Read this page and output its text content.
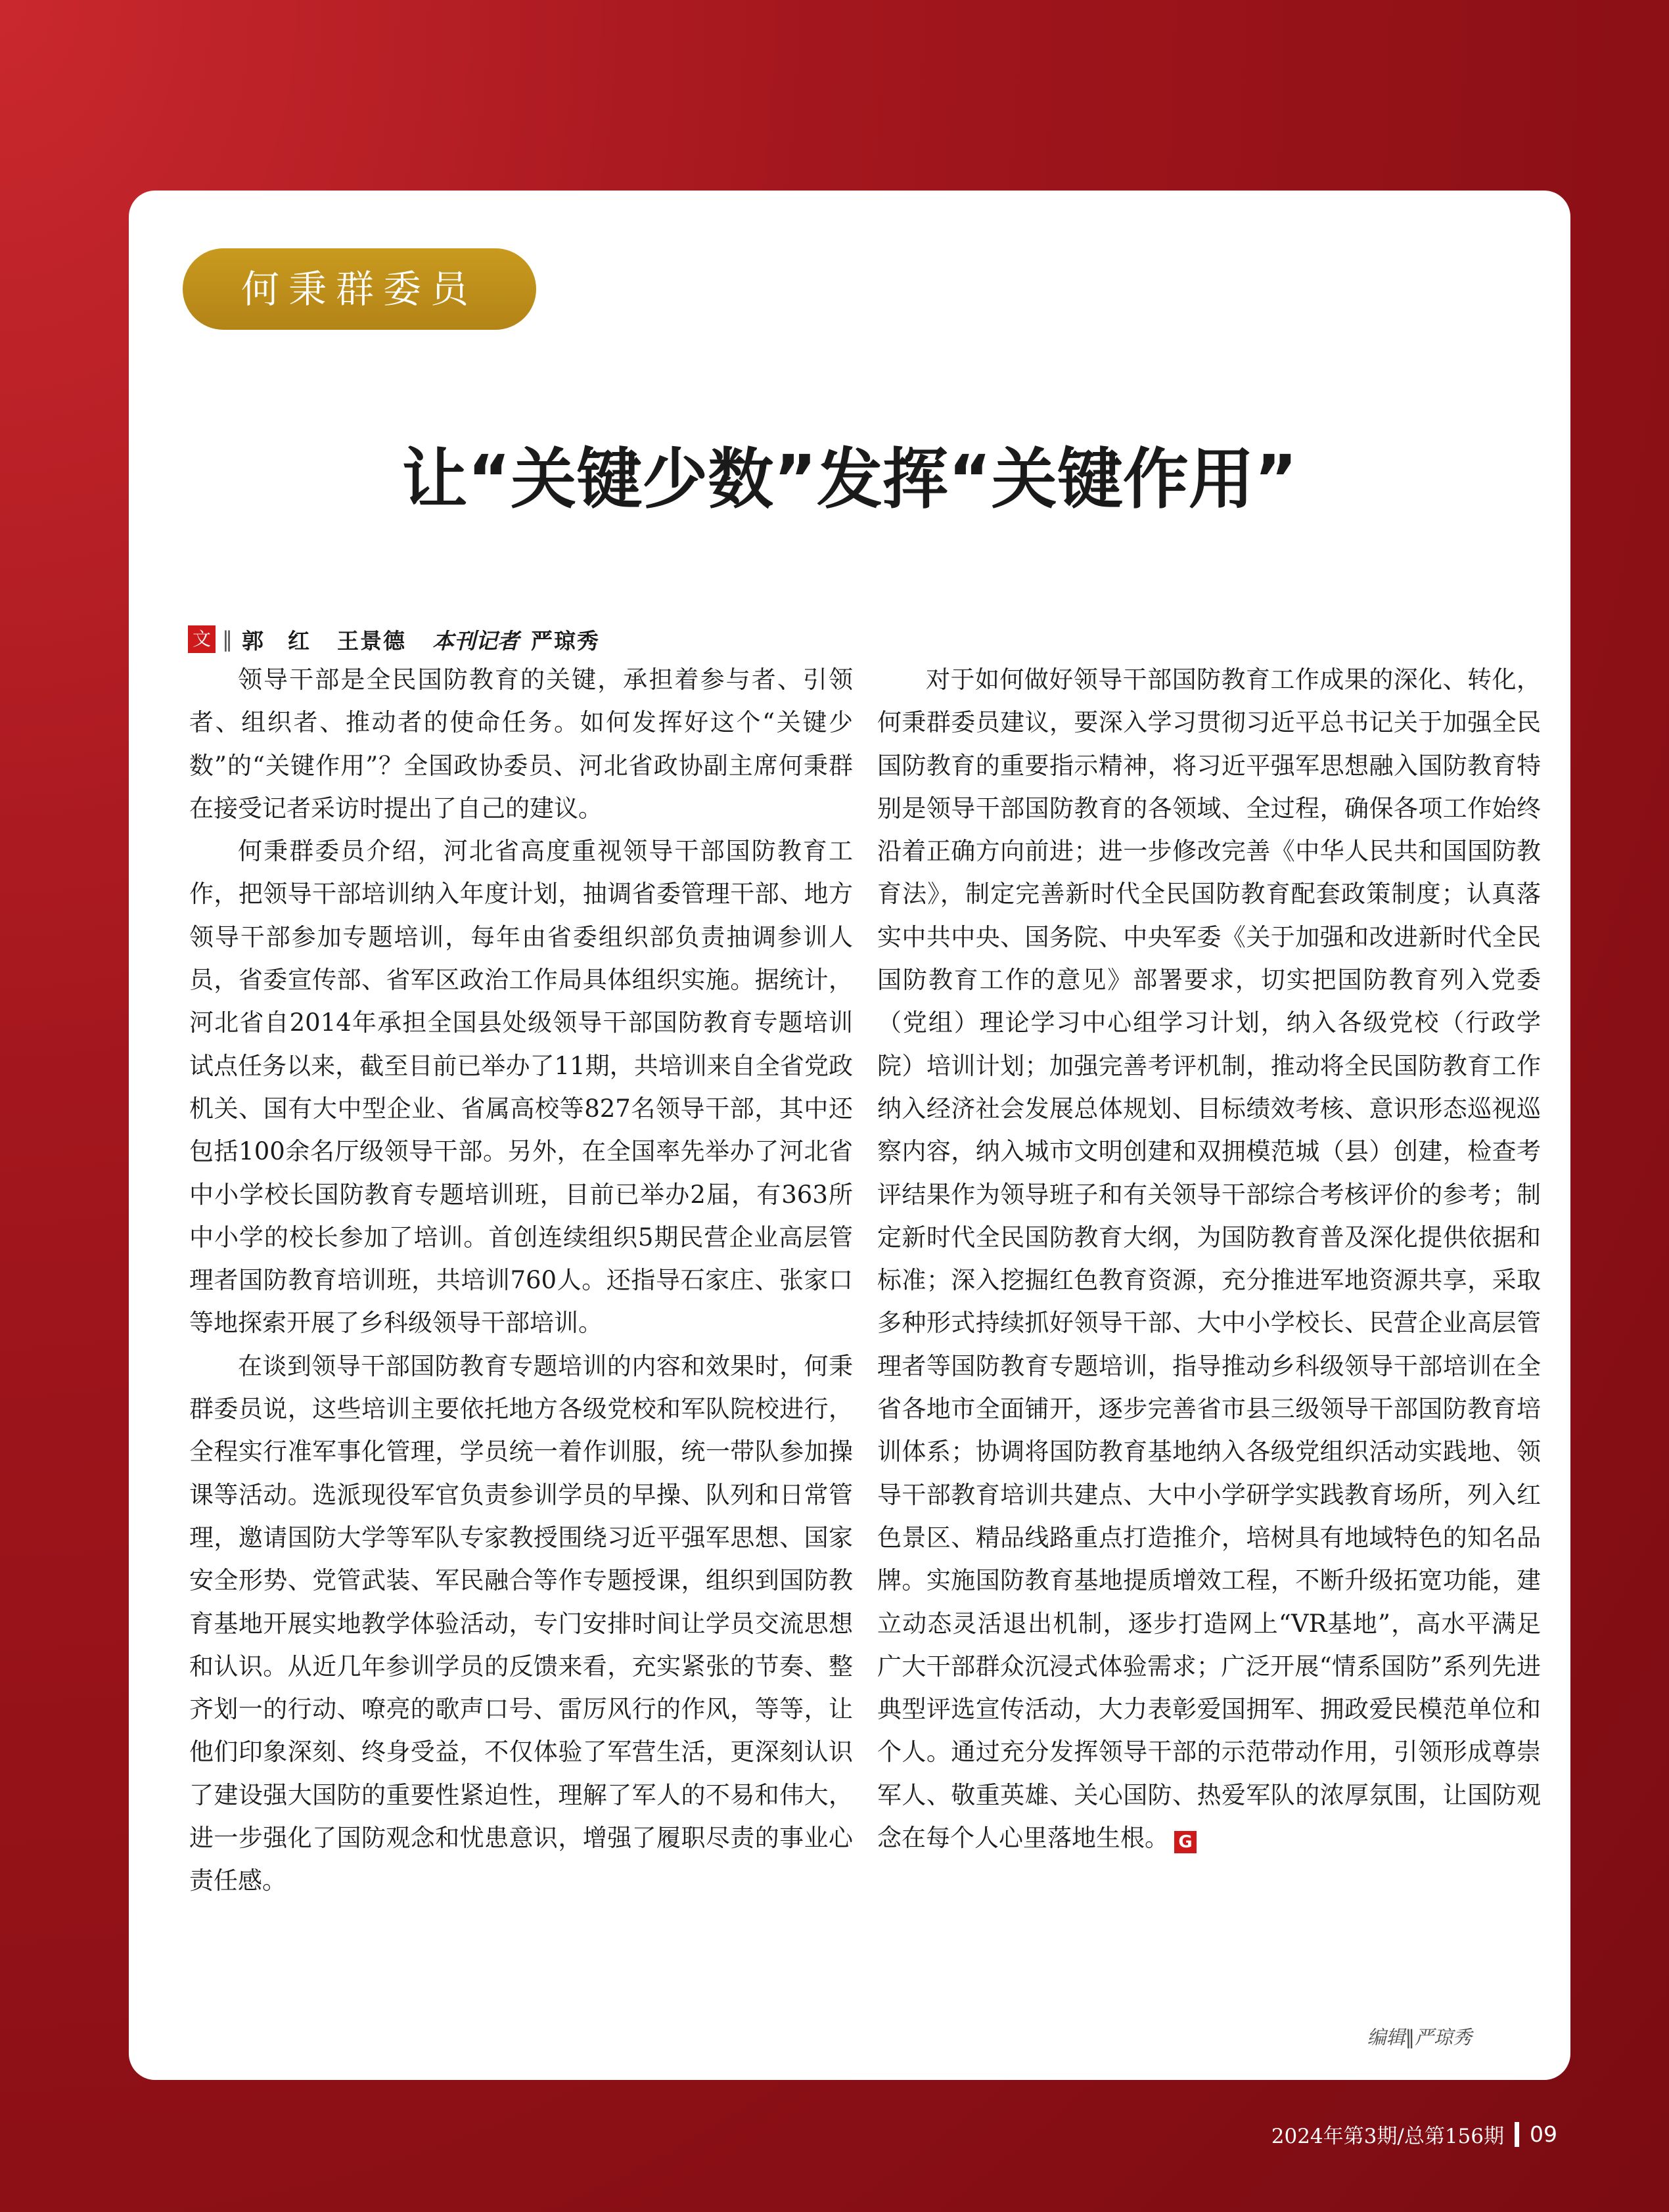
何秉群委员
让“关键少数”发挥“关键作用”
文 ‖ 郭　红 王景德 本刊记者 严琼秀

领导干部是全民国防教育的关键，承担着参与者、引领者、组织者、推动者的使命任务。如何发挥好这个“关键少数”的“关键作用”？全国政协委员、河北省政协副主席何秉群在接受记者采访时提出了自己的建议。

何秉群委员介绍，河北省高度重视领导干部国防教育工作，把领导干部培训纳入年度计划，抽调省委管理干部、地方领导干部参加专题培训，每年由省委组织部负责抽调参训人员，省委宣传部、省军区政治工作局具体组织实施。据统计，河北省自2014年承担全国县处级领导干部国防教育专题培训试点任务以来，截至目前已举办了11期，共培训来自全省党政机关、国有大中型企业、省属高校等827名领导干部，其中还包括100余名厅级领导干部。另外，在全国率先举办了河北省中小学校长国防教育专题培训班，目前已举办2届，有363所中小学的校长参加了培训。首创连续组织5期民营企业高层管理者国防教育培训班，共培训760人。还指导石家庄、张家口等地探索开展了乡科级领导干部培训。

在谈到领导干部国防教育专题培训的内容和效果时，何秉群委员说，这些培训主要依托地方各级党校和军队院校进行，全程实行准军事化管理，学员统一着作训服，统一带队参加操课等活动。选派现役军官负责参训学员的早操、队列和日常管理，邀请国防大学等军队专家教授围绕习近平强军思想、国家安全形势、党管武装、军民融合等作专题授课，组织到国防教育基地开展实地教学体验活动，专门安排时间让学员交流思想和认识。从近几年参训学员的反馈来看，充实紧张的节奏、整齐划一的行动、嘹亮的歌声口号、雷厉风行的作风，等等，让他们印象深刻、终身受益，不仅体验了军营生活，更深刻认识了建设强大国防的重要性紧迫性，理解了军人的不易和伟大，进一步强化了国防观念和忧患意识，增强了履职尽责的事业心责任感。

对于如何做好领导干部国防教育工作成果的深化、转化，何秉群委员建议，要深入学习贯彻习近平总书记关于加强全民国防教育的重要指示精神，将习近平强军思想融入国防教育特别是领导干部国防教育的各领域、全过程，确保各项工作始终沿着正确方向前进；进一步修改完善《中华人民共和国国防教育法》，制定完善新时代全民国防教育配套政策制度；认真落实中共中央、国务院、中央军委《关于加强和改进新时代全民国防教育工作的意见》部署要求，切实把国防教育列入党委（党组）理论学习中心组学习计划，纳入各级党校（行政学院）培训计划；加强完善考评机制，推动将全民国防教育工作纳入经济社会发展总体规划、目标绩效考核、意识形态巡视巡察内容，纳入城市文明创建和双拥模范城（县）创建，检查考评结果作为领导班子和有关领导干部综合考核评价的参考；制定新时代全民国防教育大纲，为国防教育普及深化提供依据和标准；深入挖掘红色教育资源，充分推进军地资源共享，采取多种形式持续抓好领导干部、大中小学校长、民营企业高层管理者等国防教育专题培训，指导推动乡科级领导干部培训在全省各地市全面铺开，逐步完善省市县三级领导干部国防教育培训体系；协调将国防教育基地纳入各级党组织活动实践地、领导干部教育培训共建点、大中小学研学实践教育场所，列入红色景区、精品线路重点打造推介，培树具有地域特色的知名品牌。实施国防教育基地提质增效工程，不断升级拓宽功能，建立动态灵活退出机制，逐步打造网上“VR基地”，高水平满足广大干部群众沉浸式体验需求；广泛开展“情系国防”系列先进典型评选宣传活动，大力表彰爱国拥军、拥政爱民模范单位和个人。通过充分发挥领导干部的示范带动作用，引领形成尊崇军人、敬重英雄、关心国防、热爱军队的浓厚氛围，让国防观念在每个人心里落地生根。 G

编辑‖严琼秀
2024年第3期/总第156期 09
